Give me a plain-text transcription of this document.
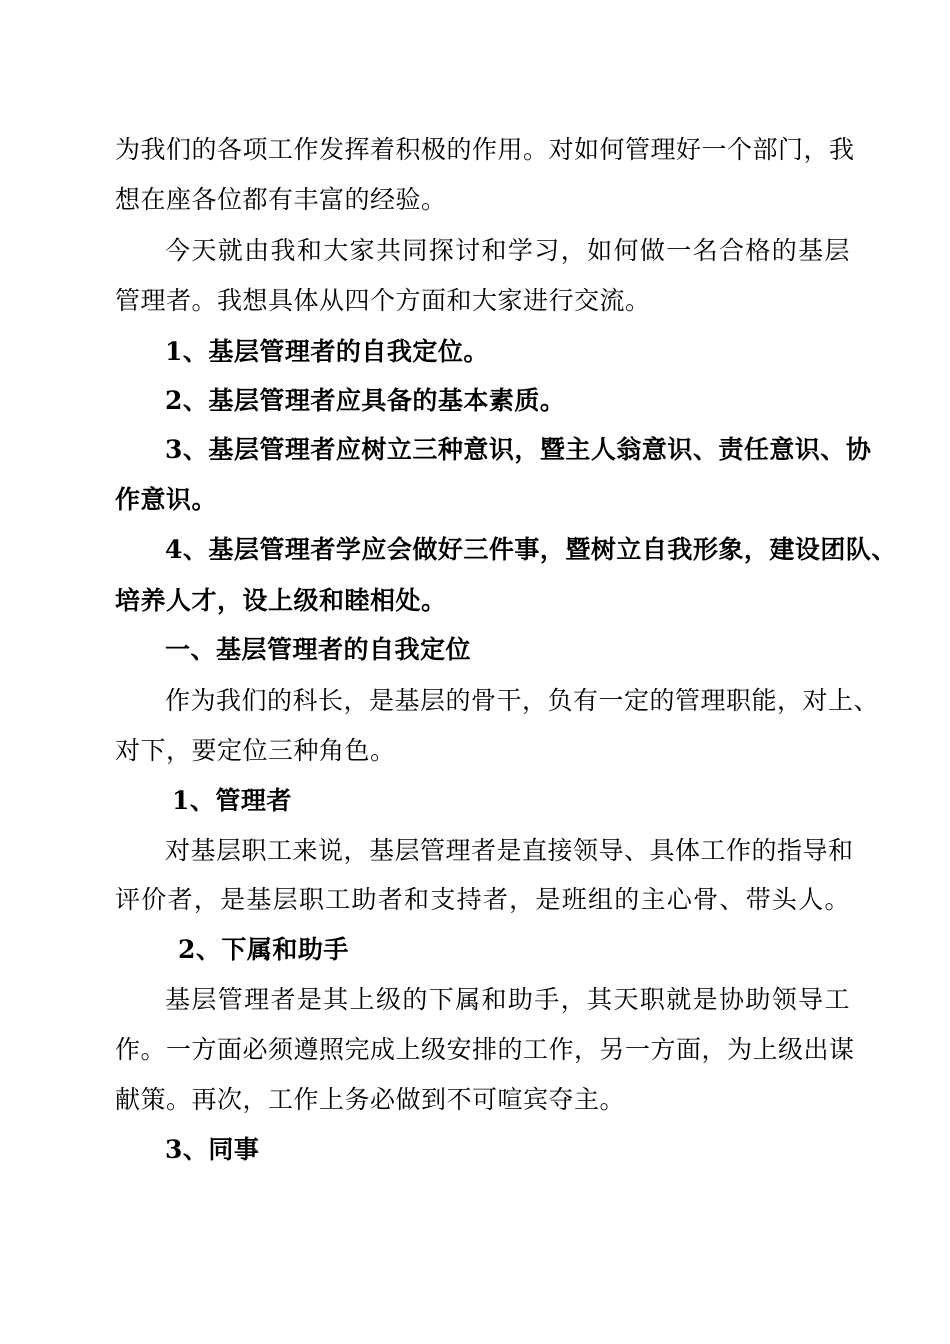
为我们的各项工作发挥着积极的作用。对如何管理好一个部门，我
想在座各位都有丰富的经验。
今天就由我和大家共同探讨和学习，如何做一名合格的基层
管理者。我想具体从四个方面和大家进行交流。
1、基层管理者的自我定位。
2、基层管理者应具备的基本素质。
3、基层管理者应树立三种意识，暨主人翁意识、责任意识、协
作意识。
4、基层管理者学应会做好三件事，暨树立自我形象，建设团队、
培养人才，设上级和睦相处。
一、基层管理者的自我定位
作为我们的科长，是基层的骨干，负有一定的管理职能，对上、
对下，要定位三种角色。
1、管理者
对基层职工来说，基层管理者是直接领导、具体工作的指导和
评价者，是基层职工助者和支持者，是班组的主心骨、带头人。
2、下属和助手
基层管理者是其上级的下属和助手，其天职就是协助领导工
作。一方面必须遵照完成上级安排的工作，另一方面，为上级出谋
献策。再次，工作上务必做到不可喧宾夺主。
3、同事
